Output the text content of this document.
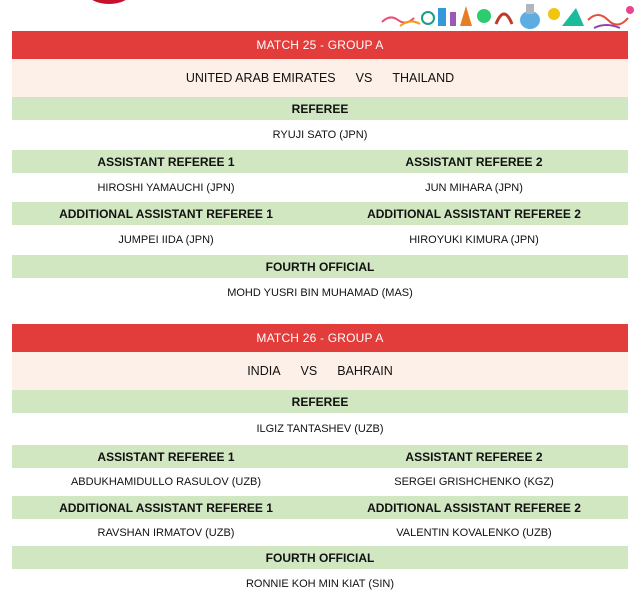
MATCH 25 - GROUP A
UNITED ARAB EMIRATES VS THAILAND
REFEREE
RYUJI SATO (JPN)
ASSISTANT REFEREE 1	ASSISTANT REFEREE 2
HIROSHI YAMAUCHI (JPN)	JUN MIHARA (JPN)
ADDITIONAL ASSISTANT REFEREE 1	ADDITIONAL ASSISTANT REFEREE 2
JUMPEI IIDA (JPN)	HIROYUKI KIMURA (JPN)
FOURTH OFFICIAL
MOHD YUSRI BIN MUHAMAD (MAS)
MATCH 26 - GROUP A
INDIA VS BAHRAIN
REFEREE
ILGIZ TANTASHEV (UZB)
ASSISTANT REFEREE 1	ASSISTANT REFEREE 2
ABDUKHAMIDULLO RASULOV (UZB)	SERGEI GRISHCHENKO (KGZ)
ADDITIONAL ASSISTANT REFEREE 1	ADDITIONAL ASSISTANT REFEREE 2
RAVSHAN IRMATOV (UZB)	VALENTIN KOVALENKO (UZB)
FOURTH OFFICIAL
RONNIE KOH MIN KIAT (SIN)
